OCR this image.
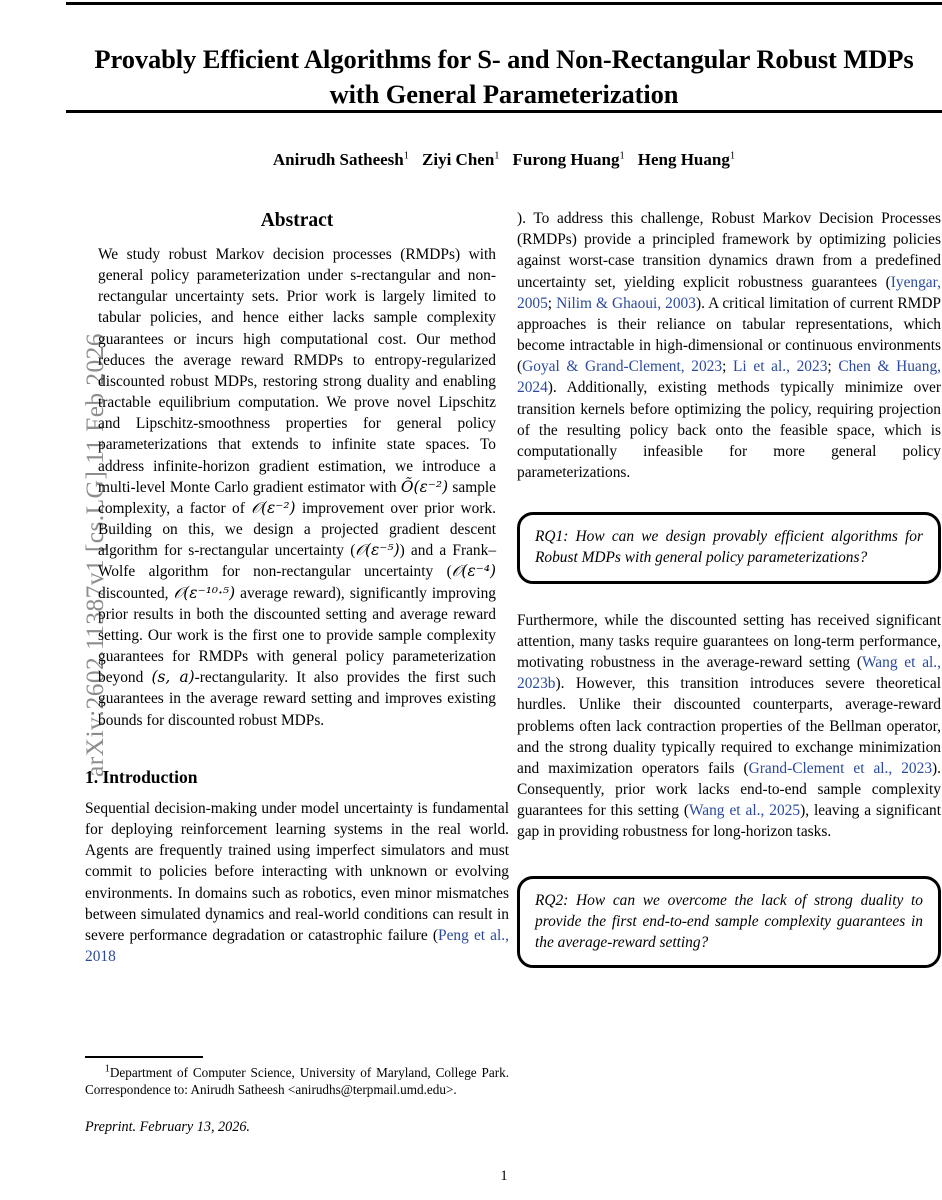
arXiv:2602.11387v1 [cs.LG] 11 Feb 2026
Provably Efficient Algorithms for S- and Non-Rectangular Robust MDPs with General Parameterization
Anirudh Satheesh$^1$ Ziyi Chen$^1$ Furong Huang$^1$ Heng Huang$^1$
Abstract

We study robust Markov decision processes (RMDPs) with general policy parameterization under s-rectangular and non-rectangular uncertainty sets. Prior work is largely limited to tabular policies, and hence either lacks sample complexity guarantees or incurs high computational cost. Our method reduces the average reward RMDPs to entropy-regularized discounted robust MDPs, restoring strong duality and enabling tractable equilibrium computation. We prove novel Lipschitz and Lipschitz-smoothness properties for general policy parameterizations that extends to infinite state spaces. To address infinite-horizon gradient estimation, we introduce a multi-level Monte Carlo gradient estimator with Õ(ε⁻²) sample complexity, a factor of 𝒪(ε⁻²) improvement over prior work. Building on this, we design a projected gradient descent algorithm for s-rectangular uncertainty (𝒪(ε⁻⁵)) and a Frank–Wolfe algorithm for non-rectangular uncertainty (𝒪(ε⁻⁴) discounted, 𝒪(ε⁻¹⁰·⁵) average reward), significantly improving prior results in both the discounted setting and average reward setting. Our work is the first one to provide sample complexity guarantees for RMDPs with general policy parameterization beyond (s, a)-rectangularity. It also provides the first such guarantees in the average reward setting and improves existing bounds for discounted robust MDPs.

1. Introduction

Sequential decision-making under model uncertainty is fundamental for deploying reinforcement learning systems in the real world. Agents are frequently trained using imperfect simulators and must commit to policies before interacting with unknown or evolving environments. In domains such as robotics, even minor mismatches between simulated dynamics and real-world conditions can result in severe performance degradation or catastrophic failure (Peng et al., 2018

). To address this challenge, Robust Markov Decision Processes (RMDPs) provide a principled framework by optimizing policies against worst-case transition dynamics drawn from a predefined uncertainty set, yielding explicit robustness guarantees (Iyengar, 2005; Nilim & Ghaoui, 2003). A critical limitation of current RMDP approaches is their reliance on tabular representations, which become intractable in high-dimensional or continuous environments (Goyal & Grand-Clement, 2023; Li et al., 2023; Chen & Huang, 2024). Additionally, existing methods typically minimize over transition kernels before optimizing the policy, requiring projection of the resulting policy back onto the feasible space, which is computationally infeasible for more general policy parameterizations.

RQ1: How can we design provably efficient algorithms for Robust MDPs with general policy parameterizations?

Furthermore, while the discounted setting has received significant attention, many tasks require guarantees on long-term performance, motivating robustness in the average-reward setting (Wang et al., 2023b). However, this transition introduces severe theoretical hurdles. Unlike their discounted counterparts, average-reward problems often lack contraction properties of the Bellman operator, and the strong duality typically required to exchange minimization and maximization operators fails (Grand-Clement et al., 2023). Consequently, prior work lacks end-to-end sample complexity guarantees for this setting (Wang et al., 2025), leaving a significant gap in providing robustness for long-horizon tasks.

RQ2: How can we overcome the lack of strong duality to provide the first end-to-end sample complexity guarantees in the average-reward setting?

$^1$Department of Computer Science, University of Maryland, College Park. Correspondence to: Anirudh Satheesh <anirudhs@terpmail.umd.edu>.

Preprint. February 13, 2026.
1
